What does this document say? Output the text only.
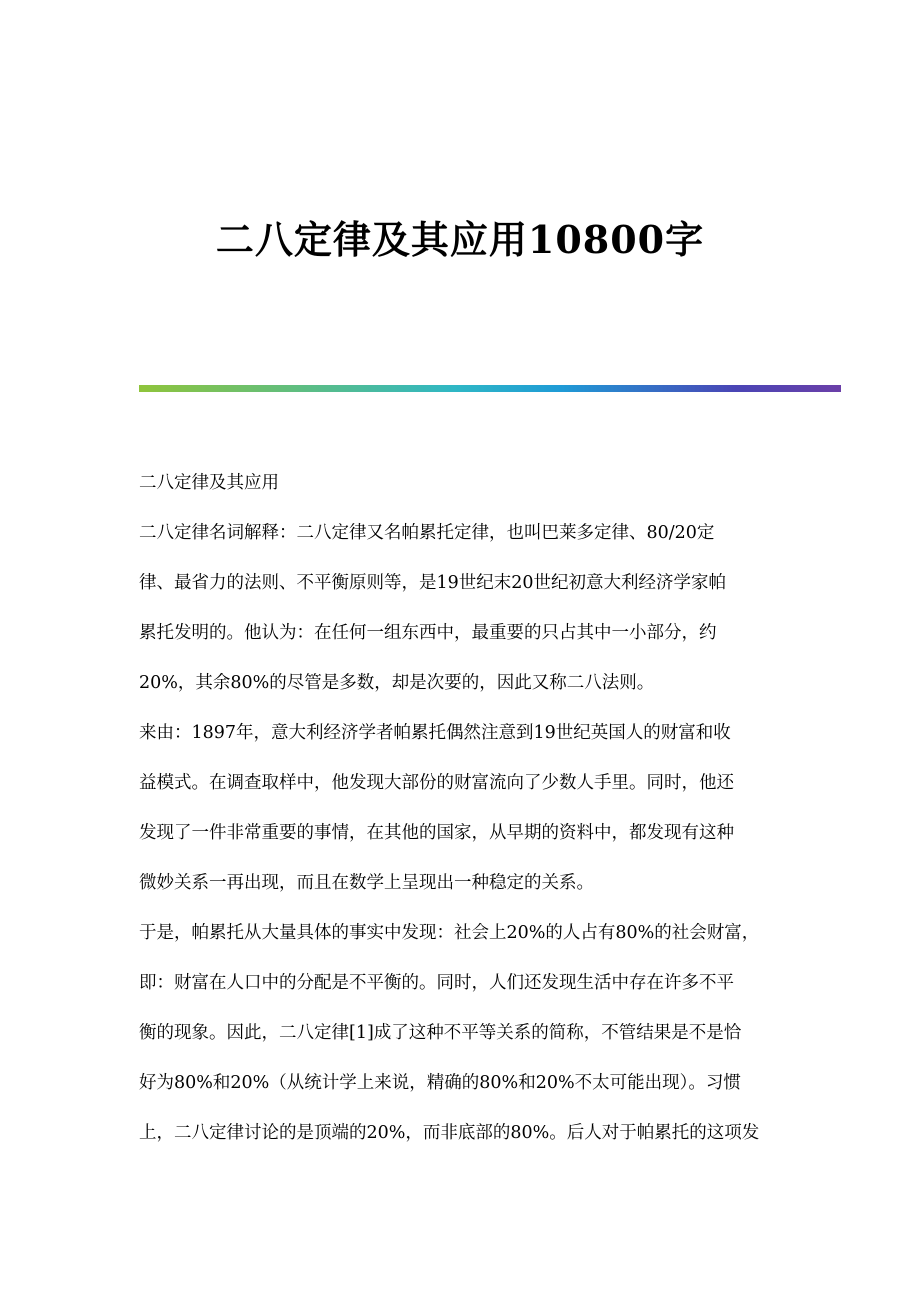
二八定律及其应用10800字

二八定律及其应用

二八定律名词解释：二八定律又名帕累托定律，也叫巴莱多定律、80/20定
律、最省力的法则、不平衡原则等，是19世纪末20世纪初意大利经济学家帕
累托发明的。他认为：在任何一组东西中，最重要的只占其中一小部分，约
20%，其余80%的尽管是多数，却是次要的，因此又称二八法则。

来由：1897年，意大利经济学者帕累托偶然注意到19世纪英国人的财富和收
益模式。在调查取样中，他发现大部份的财富流向了少数人手里。同时，他还
发现了一件非常重要的事情，在其他的国家，从早期的资料中，都发现有这种
微妙关系一再出现，而且在数学上呈现出一种稳定的关系。

于是，帕累托从大量具体的事实中发现：社会上20%的人占有80%的社会财富，
即：财富在人口中的分配是不平衡的。同时，人们还发现生活中存在许多不平
衡的现象。因此，二八定律[1]成了这种不平等关系的简称，不管结果是不是恰
好为80%和20%（从统计学上来说，精确的80%和20%不太可能出现）。习惯
上，二八定律讨论的是顶端的20%，而非底部的80%。后人对于帕累托的这项发
